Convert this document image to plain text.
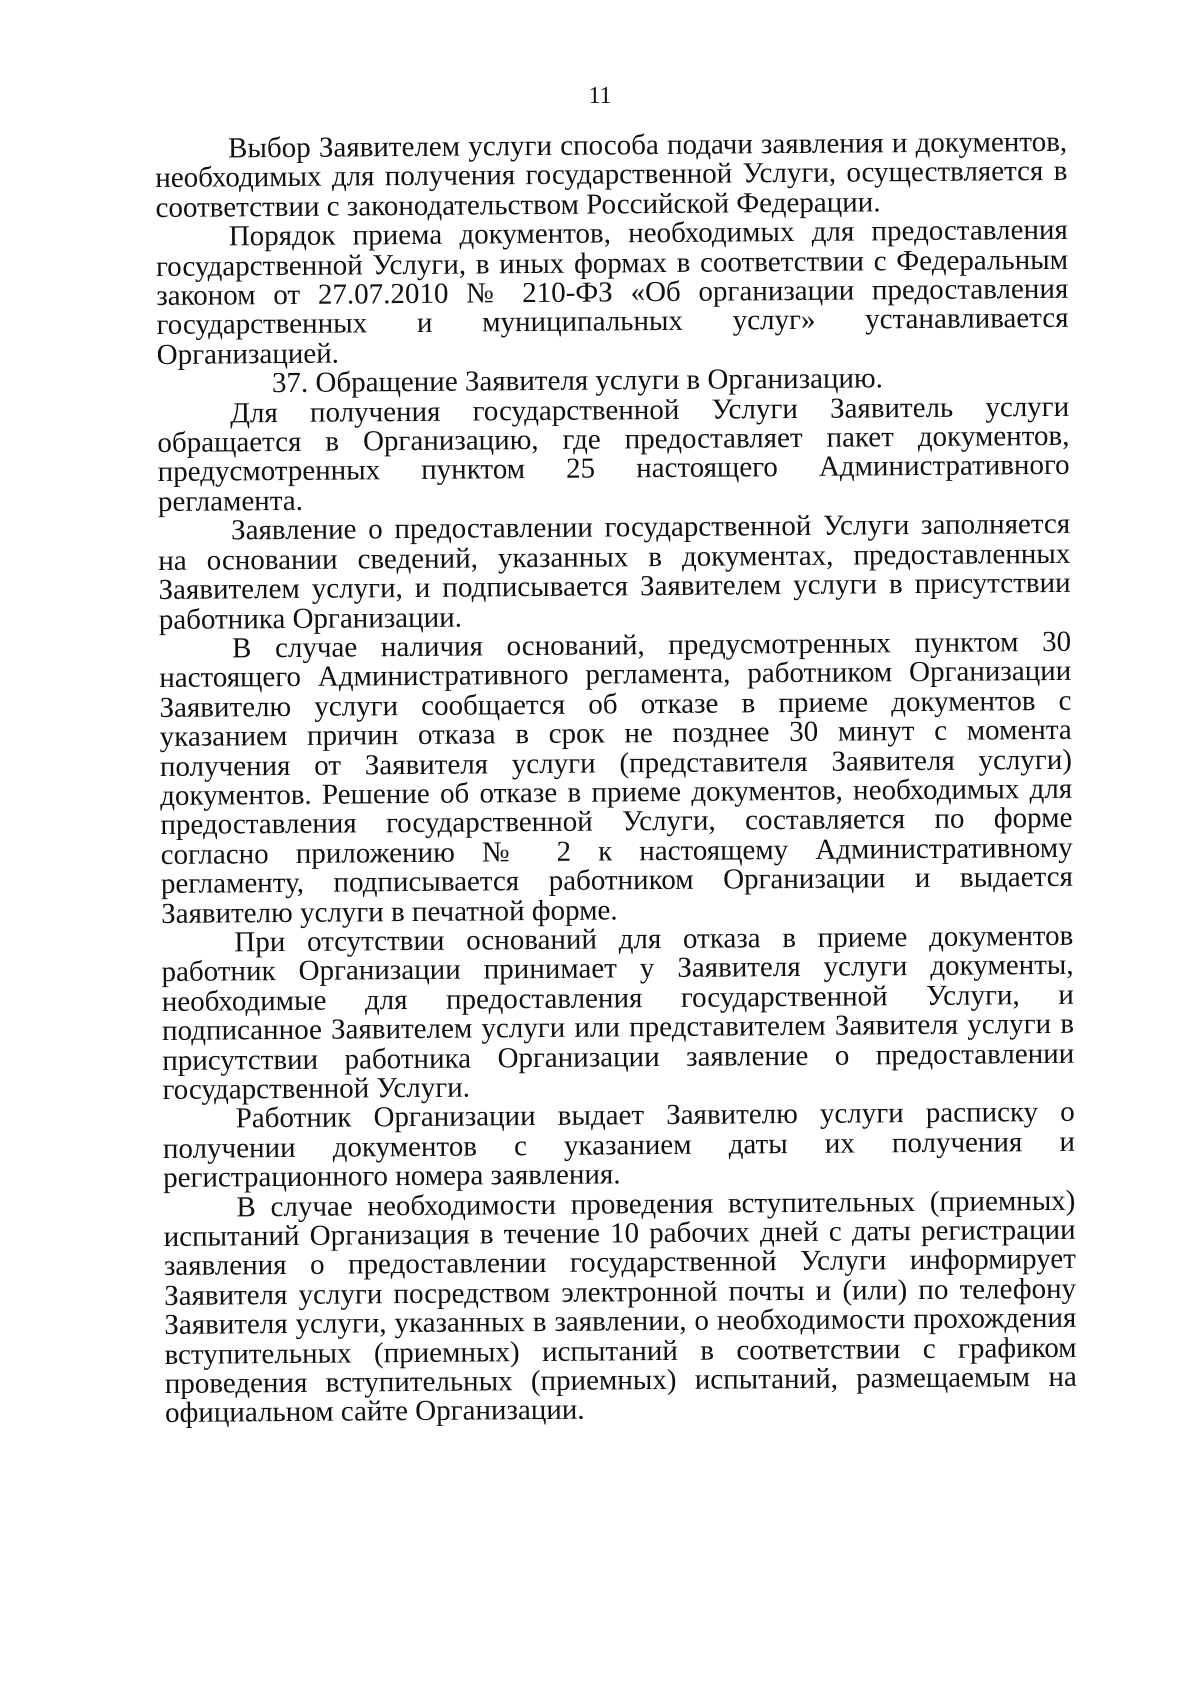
11

Выбор Заявителем услуги способа подачи заявления и документов, необходимых для получения государственной Услуги, осуществляется в соответствии с законодательством Российской Федерации.

Порядок приема документов, необходимых для предоставления государственной Услуги, в иных формах в соответствии с Федеральным законом от 27.07.2010 № 210-ФЗ «Об организации предоставления государственных и муниципальных услуг» устанавливается Организацией.

37. Обращение Заявителя услуги в Организацию.

Для получения государственной Услуги Заявитель услуги обращается в Организацию, где предоставляет пакет документов, предусмотренных пунктом 25 настоящего Административного регламента.

Заявление о предоставлении государственной Услуги заполняется на основании сведений, указанных в документах, предоставленных Заявителем услуги, и подписывается Заявителем услуги в присутствии работника Организации.

В случае наличия оснований, предусмотренных пунктом 30 настоящего Административного регламента, работником Организации Заявителю услуги сообщается об отказе в приеме документов с указанием причин отказа в срок не позднее 30 минут с момента получения от Заявителя услуги (представителя Заявителя услуги) документов. Решение об отказе в приеме документов, необходимых для предоставления государственной Услуги, составляется по форме согласно приложению № 2 к настоящему Административному регламенту, подписывается работником Организации и выдается Заявителю услуги в печатной форме.

При отсутствии оснований для отказа в приеме документов работник Организации принимает у Заявителя услуги документы, необходимые для предоставления государственной Услуги, и подписанное Заявителем услуги или представителем Заявителя услуги в присутствии работника Организации заявление о предоставлении государственной Услуги.

Работник Организации выдает Заявителю услуги расписку о получении документов с указанием даты их получения и регистрационного номера заявления.

В случае необходимости проведения вступительных (приемных) испытаний Организация в течение 10 рабочих дней с даты регистрации заявления о предоставлении государственной Услуги информирует Заявителя услуги посредством электронной почты и (или) по телефону Заявителя услуги, указанных в заявлении, о необходимости прохождения вступительных (приемных) испытаний в соответствии с графиком проведения вступительных (приемных) испытаний, размещаемым на официальном сайте Организации.
